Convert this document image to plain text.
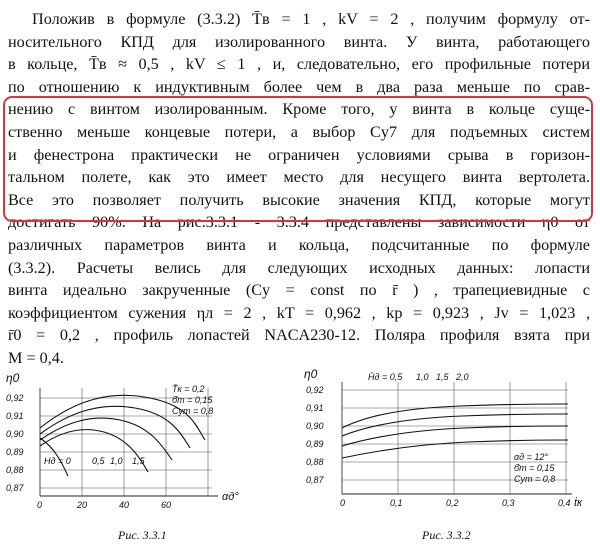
Положив в формуле (3.3.2) T̄в = 1 , kV = 2 , получим формулу от-
носительного КПД для изолированного винта. У винта, работающего
в кольце, T̄в ≈ 0,5 , kV ≤ 1 , и, следовательно, его профильные потери
по отношению к индуктивным более чем в два раза меньше по срав-
нению с винтом изолированным. Кроме того, у винта в кольце суще-
ственно меньше концевые потери, а выбор Cy7 для подъемных систем
и фенестрона практически не ограничен условиями срыва в горизон-
тальном полете, как это имеет место для несущего винта вертолета.
Все это позволяет получить высокие значения КПД, которые могут
достигать 90%. На рис.3.3.1 - 3.3.4 представлены зависимости η0 от
различных параметров винта и кольца, подсчитанные по формуле
(3.3.2). Расчеты велись для следующих исходных данных: лопасти
винта идеально закрученные (Cy = const по r̄ ) , трапециевидные с
коэффициентом сужения ηл = 2 , kT = 0,962 , kp = 0,923 , Jv = 1,023 ,
r̄0 = 0,2 , профиль лопастей NACA230-12. Поляра профиля взята при
M = 0,4.
η0
0,92
0,91
0,90
0,89
0,88
0,87
0	20	40	60
αд°
T̄к = 0,2
б̄т = 0,15
Cyт = 0,8
Hд = 0 0,5 1,0 1,5
Рис. 3.3.1
η0
0,92
0,91
0,90
0,89
0,88
0,87
0	0,1	0,2	0,3	0,4 ṫк
H̄д = 0,5 1,0 1,5 2,0
αд = 12°
б̄т = 0,15
Cyт = 0,8
Рис. 3.3.2
